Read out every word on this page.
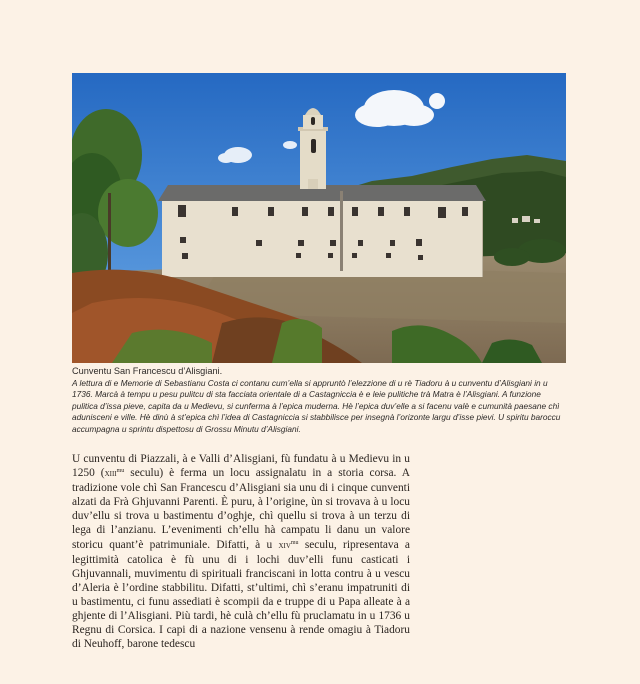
Cunventu San Francescu d’Alisgiani.
A lettura di e Memorie di Sebastianu Costa ci contanu cum’ella si appruntò l’elezzione di u rè Tiadoru à u cunventu d’Alisgiani in u 1736. Marcà à tempu u pesu pulitcu di sta facciata orientale di a Castagniccia è e leie pulitiche trà Matra è l’Alisgiani. A funzione pulitica d’issa pieve, capita da u Medievu, si cunferma à l’epica muderna. Hè l’epica duv’elle a si facenu valè e cumunità paesane chì adunisceni e ville. Hè dinù à st’epica chì l’idea di Castagniccia si stabbilisce per insegnà l’orizonte largu d’isse pievi. U spiritu baroccu accumpagna u sprintu dispettosu di Grossu Minutu d’Alisgiani.

U cunventu di Piazzali, à e Valli d’Alisgiani, fù fundatu à u Medievu in u 1250 (xiii$^{mu}$ seculu) è ferma un locu assignalatu in a storia corsa. A tradizione vole chì San Francescu d’Alisgiani sia unu di i cinque cunventi alzati da Frà Ghjuvanni Parenti. È puru, à l’origine, ùn si trovava à u locu duv’ellu si trova u bastimentu d’oghje, chì quellu si trova à un terzu di lega di l’anzianu. L’evenimenti ch’ellu hà campatu li danu un valore storicu quant’è patrimuniale. Difatti, à u xiv$^{mu}$ seculu, ripresentava a legittimità catolica è fù unu di i lochi duv’elli funu casticati i Ghjuvannali, muvimentu di spirituali franciscani in lotta contru à u vescu d’Aleria è l’ordine stabbilitu. Difatti, st’ultimi, chì s’eranu impatruniti di u bastimentu, ci funu assediati è scompii da e truppe di u Papa alleate à a ghjente di l’Alisgiani. Più tardi, hè culà ch’ellu fù pruclamatu in u 1736 u Regnu di Corsica. I capi di a nazione vensenu à rende omagiu à Tiadoru di Neuhoff, barone tedescu
